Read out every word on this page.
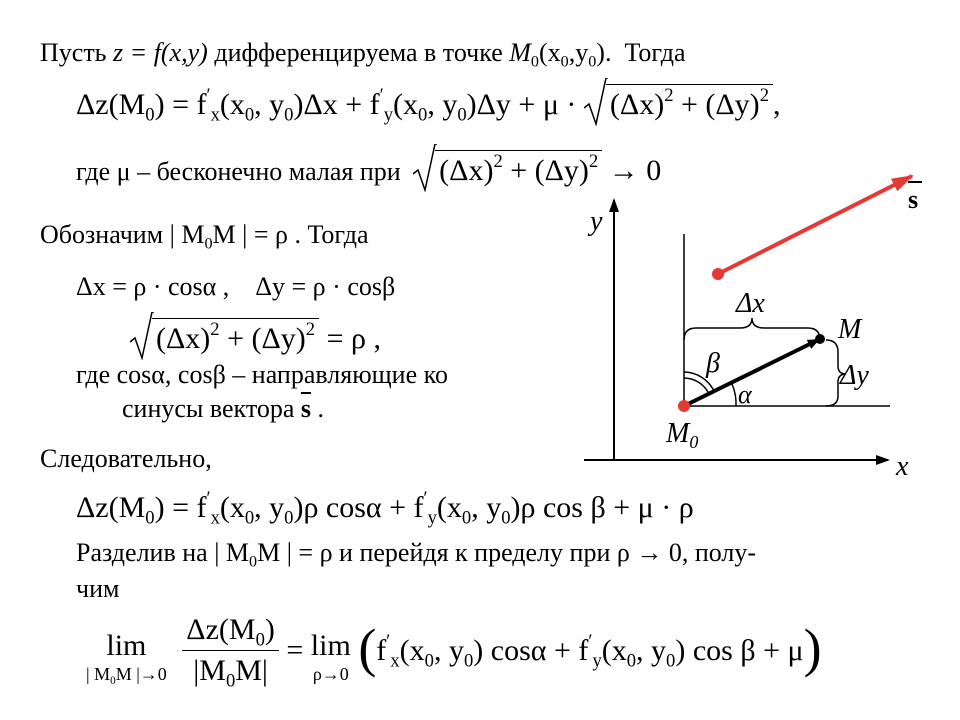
Пусть z = f(x,y) дифференцируема в точке $M_0(x_0,y_0)$. Тогда
$\Delta z(M_0) = f'_x(x_0$, $y_0)\Delta x + f'_y(x_0$, $y_0)\Delta y + \mu \cdot (\Delta x)^2 + (\Delta y)^2$ ,
где μ – бесконечно малая при $(\Delta x)^2 + (\Delta y)^2 \to 0$
Обозначим | $M_0M$ | = ρ . Тогда
Δx = ρ · cosα , Δy = ρ · cosβ
$(\Delta x)^2 + (\Delta y)^2 = \rho$ ,
где cosα, cosβ – направляющие ко
синусы вектора $\overline{s}$ .
Следовательно,
$\Delta z(M_0) = f'_x(x_0$, $y_0)\rho$ $\cos\alpha + f'_y(x_0$, $y_0)\rho$ cos β + μ · ρ
Разделив на | $M_0M$ | = ρ и перейдя к пределу при ρ → 0, полу-
чим
lim
| $M_0M$ |→0
$\frac{\Delta z(M_0)}{|M_0M|} = \lim$
ρ→0 ($f'_x(x_0$, $y_0$) $\cos\alpha + f'_y(x_0$, $y_0$) cos β + μ)
y
x
s
Δx
Δy
M
β
α
$M_0$
